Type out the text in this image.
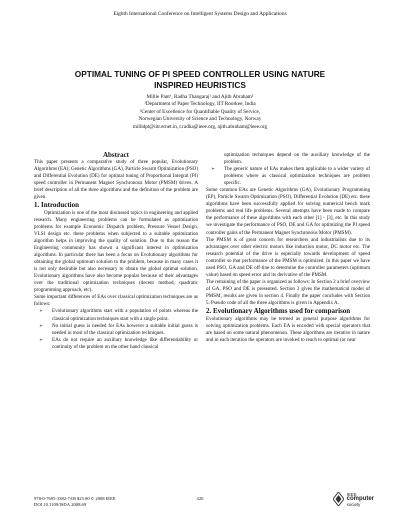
Eighth International Conference on Intelligent Systems Design and Applications
OPTIMAL TUNING OF PI SPEED CONTROLLER USING NATURE
INSPIRED HEURISTICS
Millie Pant¹, Radha Thangaraj¹ and Ajith Abraham²
¹Department of Paper Technology, IIT Roorkee, India
²Center of Excellence for Quantifiable Quality of Service,
Norwegian University of Science and Technology, Norway
millidpt@iitr.ernet.in, t.radha@ieee.org, ajith.abraham@ieee.org

Abstract

This paper presents a comparative study of three popular, Evolutionary Algorithms (EA); Genetic Algorithms (GA), Particle Swarm Optimization (PSO) and Differential Evolution (DE) for optimal tuning of Proportional Integral (PI) speed controller in Permanent Magnet Synchronous Motor (PMSM) drives. A brief description of all the three algorithms and the definition of the problem are given.

1. Introduction

Optimization is one of the most discussed topics in engineering and applied research. Many engineering problems can be formulated as optimization problems for example Economic Dispatch problem, Pressure Vessel Design, VLSI design etc. these problems when subjected to a suitable optimization algorithm helps in improving the quality of solution. Due to this reason the Engineering community has shown a significant interest in optimization algorithms. In particular there has been a focus on Evolutionary algorithms for obtaining the global optimum solution to the problem, because in many cases it is not only desirable but also necessary to obtain the global optimal solution. Evolutionary algorithms have also become popular because of their advantages over the traditional optimization techniques (decent method, quadratic programming approach, etc).

Some important differences of EAs over classical optimization techniques are as follows:

➢ Evolutionary algorithms start with a population of points whereas the classical optimization techniques start with a single point.
➢ No initial guess is needed for EAs however a suitable initial guess is needed in most of the classical optimization techniques.
➢ EAs do not require an auxiliary knowledge like differentiability or continuity of the problem on the other hand classical

optimization techniques depend on the auxiliary knowledge of the problem.

➢ The generic nature of EAs makes them applicable to a wider variety of problems where as classical optimization techniques are problem specific.

Some common EAs are Genetic Algorithms (GA), Evolutionary Programming (EP), Particle Swarm Optimization (PSO), Differential Evolution (DE) etc. these algorithms have been successfully applied for solving numerical bench mark problems and real life problems. Several attempts have been made to compare the performance of these algorithms with each other [1] - [3], etc. In this study we investigate the performance of PSO, DE and GA for optimizing the PI speed controller gains of the Permanent Magnet Synchronous Motor (PMSM).

The PMSM is of great concern for researchers and industrialists due to its advantages over other electric motors like induction motor, DC motor etc. The research potential of the drive is especially towards development of speed controller so that performance of the PMSM is optimized. In this paper we have used PSO, GA and DE off-line to determine the controller parameters (optimum value) based on speed error and its derivative of the PMSM.

The remaining of the paper is organized as follows: In Section 2 a brief overview of GA, PSO and DE is presented. Section 3 gives the mathematical model of PMSM, results are given in section 4. Finally the paper concludes with Section 5. Pseudo code of all the three algorithms is given in Appendix A.

2. Evolutionary Algorithms used for comparison

Evolutionary algorithms may be termed as general purpose algorithms for solving optimization problems. Each EA is encoded with special operators that are based on some natural phenomenon. These algorithms are iterative in nature and in each iteration the operators are invoked to reach to optimal (or near

978-0-7695-3382-7/08 $25.00 © 2008 IEEE
DOI 10.1109/ISDA.2008.69
420
IEEE
computer
society
